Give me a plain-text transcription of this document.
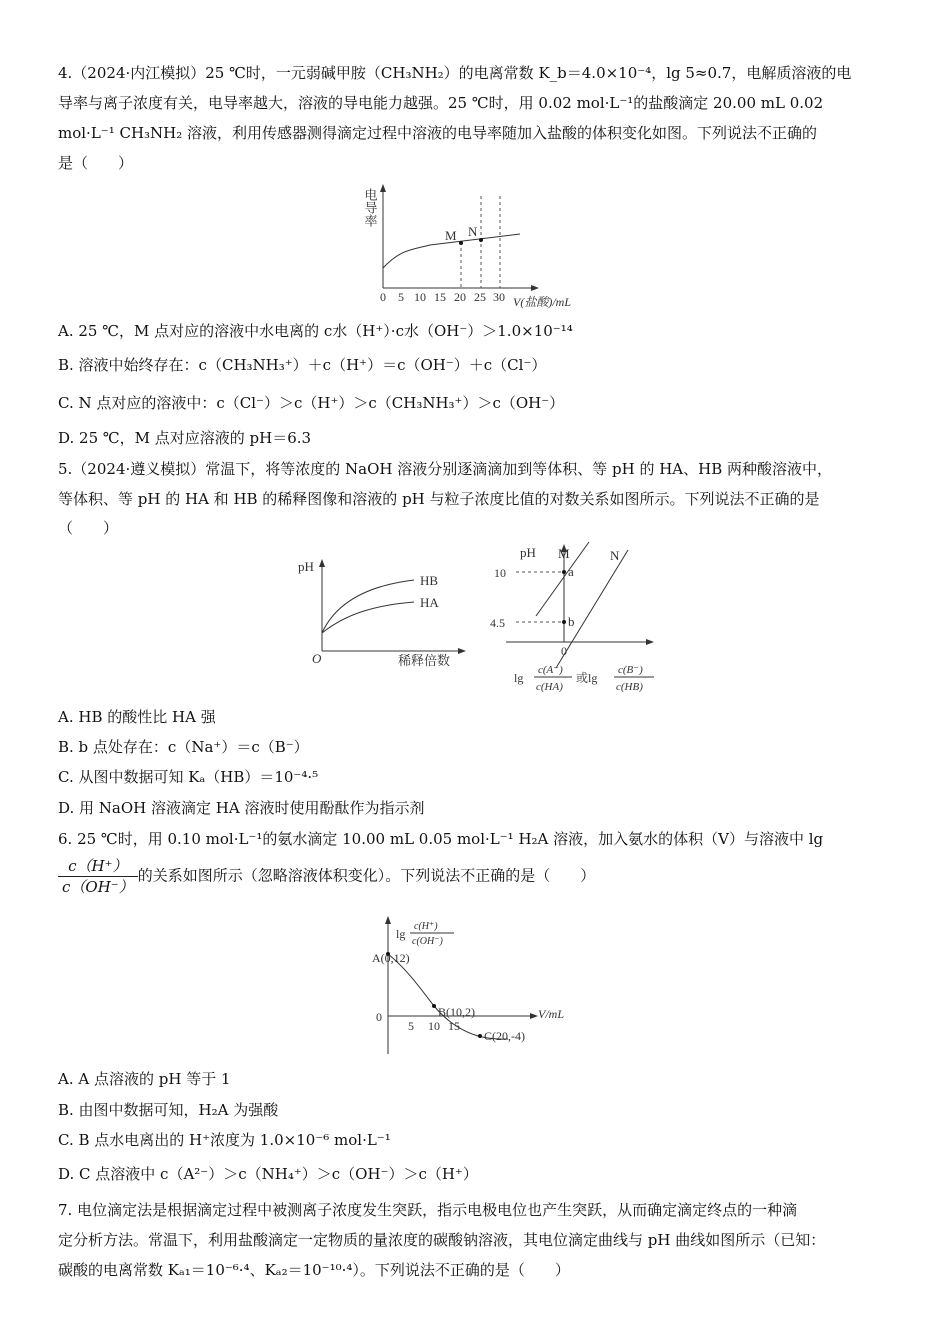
4.（2024·内江模拟）25 ℃时，一元弱碱甲胺（CH₃NH₂）的电离常数 K_b＝4.0×10⁻⁴，lg 5≈0.7，电解质溶液的电
导率与离子浓度有关，电导率越大，溶液的导电能力越强。25 ℃时，用 0.02 mol·L⁻¹的盐酸滴定 20.00 mL 0.02
mol·L⁻¹ CH₃NH₂ 溶液，利用传感器测得滴定过程中溶液的电导率随加入盐酸的体积变化如图。下列说法不正确的
是（　　）
电导率
M N
0 5 10 15 20 25 30 V(盐酸)/mL
A. 25 ℃，M 点对应的溶液中水电离的 c水（H⁺）·c水（OH⁻）＞1.0×10⁻¹⁴
B. 溶液中始终存在：c（CH₃NH₃⁺）＋c（H⁺）＝c（OH⁻）＋c（Cl⁻）
C. N 点对应的溶液中：c（Cl⁻）＞c（H⁺）＞c（CH₃NH₃⁺）＞c（OH⁻）
D. 25 ℃，M 点对应溶液的 pH＝6.3
5.（2024·遵义模拟）常温下，将等浓度的 NaOH 溶液分别逐滴滴加到等体积、等 pH 的 HA、HB 两种酸溶液中，
等体积、等 pH 的 HA 和 HB 的稀释图像和溶液的 pH 与粒子浓度比值的对数关系如图所示。下列说法不正确的是
（　　）
pH
O	稀释倍数
HB
HA
pH M	N
a
b
10
4.5
0
lg
c(A⁻)
c(HA)
或lg
c(B⁻)
c(HB)
A. HB 的酸性比 HA 强
B. b 点处存在：c（Na⁺）＝c（B⁻）
C. 从图中数据可知 Kₐ（HB）＝10⁻⁴·⁵
D. 用 NaOH 溶液滴定 HA 溶液时使用酚酞作为指示剂
6. 25 ℃时，用 0.10 mol·L⁻¹的氨水滴定 10.00 mL 0.05 mol·L⁻¹ H₂A 溶液，加入氨水的体积（V）与溶液中 lg
$\frac{c(H^+)}{c(OH^-)}$ 的关系如图所示（忽略溶液体积变化）。下列说法不正确的是（　　）
lg
c(H⁺)
c(OH⁻)
0
A(0,12)
B(10,2)
C(20,-4)
5 10 15
V/mL
A. A 点溶液的 pH 等于 1
B. 由图中数据可知，H₂A 为强酸
C. B 点水电离出的 H⁺浓度为 1.0×10⁻⁶ mol·L⁻¹
D. C 点溶液中 c（A²⁻）＞c（NH₄⁺）＞c（OH⁻）＞c（H⁺）
7. 电位滴定法是根据滴定过程中被测离子浓度发生突跃，指示电极电位也产生突跃，从而确定滴定终点的一种滴
定分析方法。常温下，利用盐酸滴定一定物质的量浓度的碳酸钠溶液，其电位滴定曲线与 pH 曲线如图所示（已知：
碳酸的电离常数 Kₐ₁＝10⁻⁶·⁴、Kₐ₂＝10⁻¹⁰·⁴）。下列说法不正确的是（　　）
